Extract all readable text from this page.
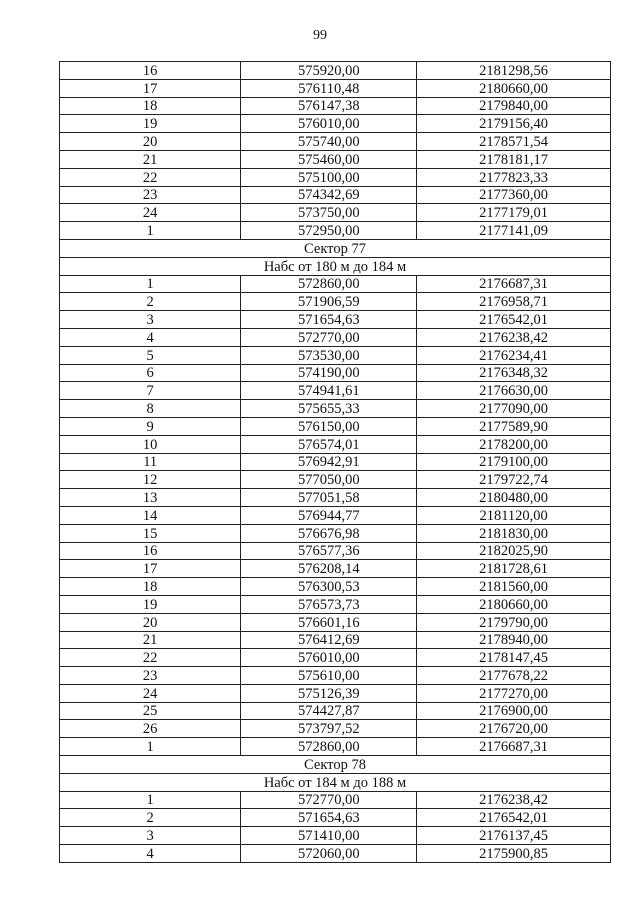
99
16	575920,00	2181298,56
17	576110,48	2180660,00
18	576147,38	2179840,00
19	576010,00	2179156,40
20	575740,00	2178571,54
21	575460,00	2178181,17
22	575100,00	2177823,33
23	574342,69	2177360,00
24	573750,00	2177179,01
1	572950,00	2177141,09
Сектор 77		
Набс от 180 м до 184 м		
1	572860,00	2176687,31
2	571906,59	2176958,71
3	571654,63	2176542,01
4	572770,00	2176238,42
5	573530,00	2176234,41
6	574190,00	2176348,32
7	574941,61	2176630,00
8	575655,33	2177090,00
9	576150,00	2177589,90
10	576574,01	2178200,00
11	576942,91	2179100,00
12	577050,00	2179722,74
13	577051,58	2180480,00
14	576944,77	2181120,00
15	576676,98	2181830,00
16	576577,36	2182025,90
17	576208,14	2181728,61
18	576300,53	2181560,00
19	576573,73	2180660,00
20	576601,16	2179790,00
21	576412,69	2178940,00
22	576010,00	2178147,45
23	575610,00	2177678,22
24	575126,39	2177270,00
25	574427,87	2176900,00
26	573797,52	2176720,00
1	572860,00	2176687,31
Сектор 78		
Набс от 184 м до 188 м		
1	572770,00	2176238,42
2	571654,63	2176542,01
3	571410,00	2176137,45
4	572060,00	2175900,85
